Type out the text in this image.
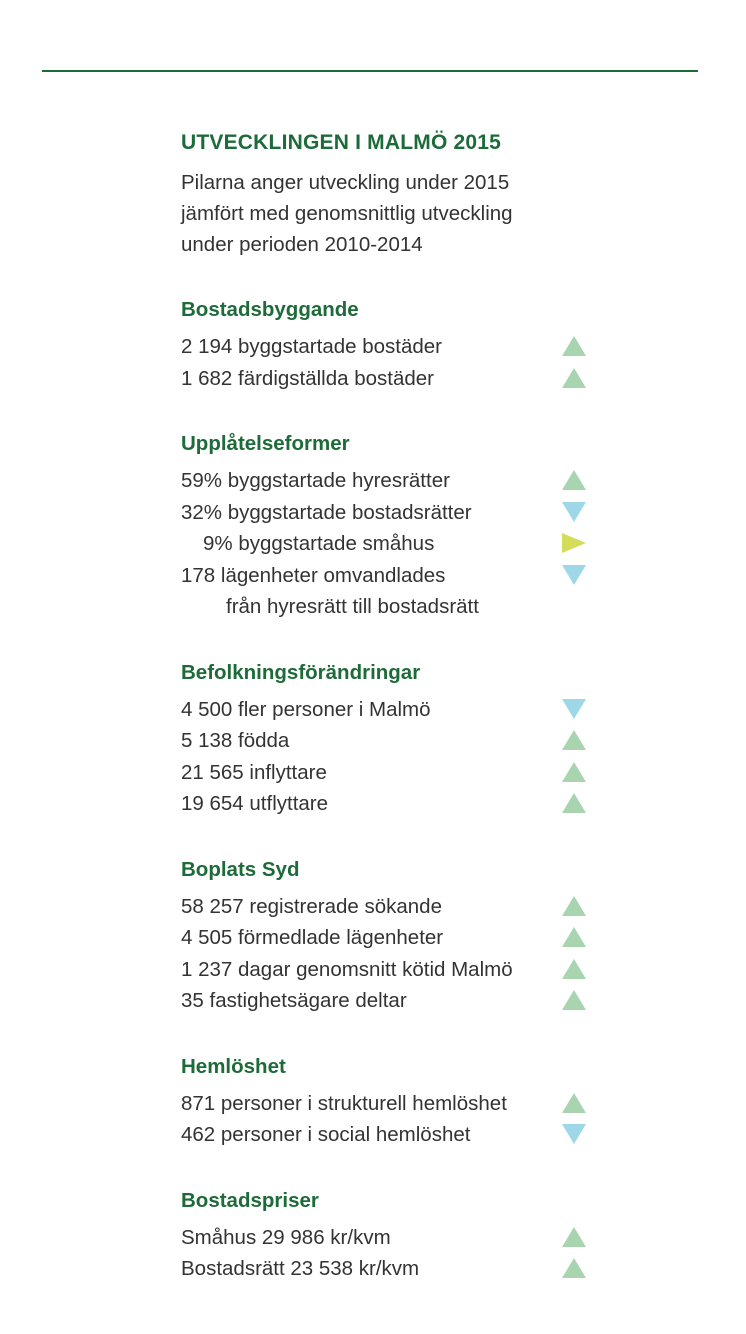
UTVECKLINGEN I MALMÖ 2015
Pilarna anger utveckling under 2015
jämfört med genomsnittlig utveckling
under perioden 2010-2014
Bostadsbyggande
2 194 byggstartade bostäder
1 682 färdigställda bostäder
Upplåtelseformer
59% byggstartade hyresrätter
32% byggstartade bostadsrätter
9% byggstartade småhus
178 lägenheter omvandlades
från hyresrätt till bostadsrätt
Befolkningsförändringar
4 500 fler personer i Malmö
5 138 födda
21 565 inflyttare
19 654 utflyttare
Boplats Syd
58 257 registrerade sökande
4 505 förmedlade lägenheter
1 237 dagar genomsnitt kötid Malmö
35 fastighetsägare deltar
Hemlöshet
871 personer i strukturell hemlöshet
462 personer i social hemlöshet
Bostadspriser
Småhus 29 986 kr/kvm
Bostadsrätt 23 538 kr/kvm
